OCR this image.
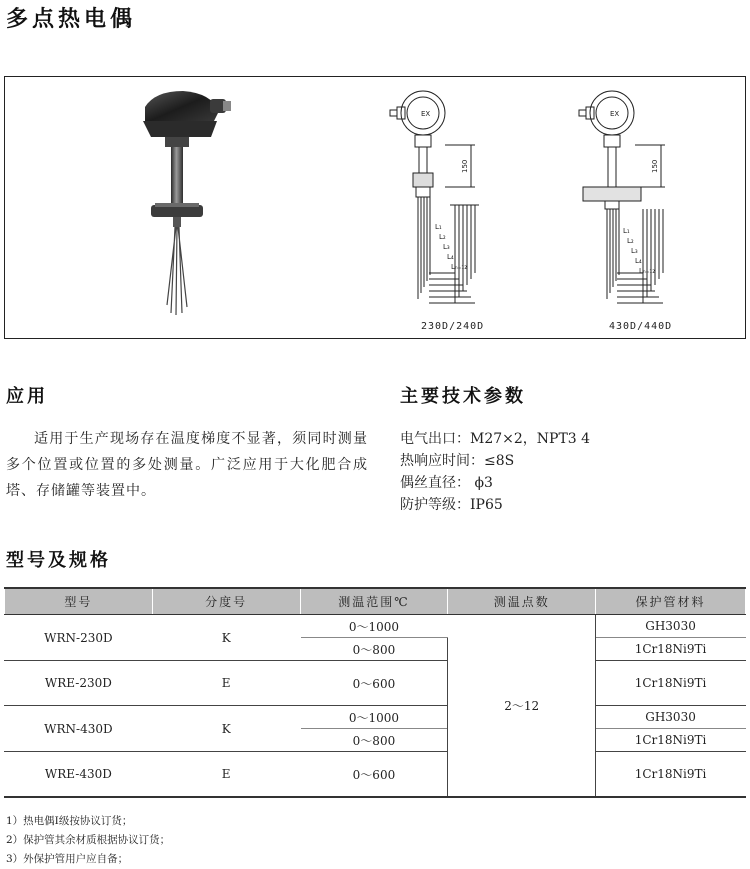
多点热电偶
EX
150
L₁
L₂
L₃
L₄
Lₙ₌₁₂
EX
150
L₁
L₂
L₃
L₄
Lₙ₌₁₂
230D/240D	430D/440D
应用

适用于生产现场存在温度梯度不显著，须同时测量多个位置或位置的多处测量。广泛应用于大化肥合成塔、存储罐等装置中。

主要技术参数
电气出口：M27×2，NPT3 4
热响应时间：≤8S
偶丝直径： ϕ3
防护等级：IP65
型号及规格
型号	分度号	测温范围℃	测温点数	保护管材料
WRN-230D	K	0～1000	2～12	GH3030
		0～800		1Cr18Ni9Ti
WRE-230D	E	0～600		1Cr18Ni9Ti
WRN-430D	K	0～1000		GH3030
		0～800		1Cr18Ni9Ti
WRE-430D	E	0～600		1Cr18Ni9Ti
1）热电偶Ⅰ级按协议订货；
2）保护管其余材质根据协议订货；
3）外保护管用户应自备；
